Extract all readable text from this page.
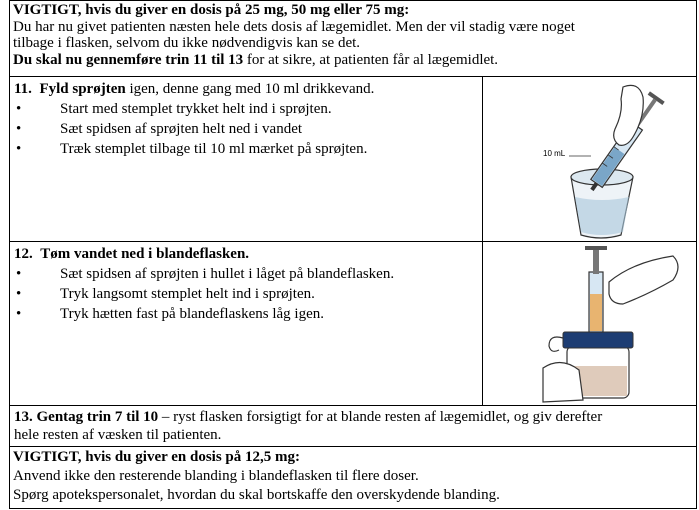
VIGTIGT, hvis du giver en dosis på 25 mg, 50 mg eller 75 mg:
Du har nu givet patienten næsten hele dets dosis af lægemidlet. Men der vil stadig være noget
tilbage i flasken, selvom du ikke nødvendigvis kan se det.
Du skal nu gennemføre trin 11 til 13 for at sikre, at patienten får al lægemidlet.
11. Fyld sprøjten igen, denne gang med 10 ml drikkevand.
•	Start med stemplet trykket helt ind i sprøjten.
•	Sæt spidsen af sprøjten helt ned i vandet
•	Træk stemplet tilbage til 10 ml mærket på sprøjten.	10 mL
12. Tøm vandet ned i blandeflasken.
•	Sæt spidsen af sprøjten i hullet i låget på blandeflasken.
•	Tryk langsomt stemplet helt ind i sprøjten.
•	Tryk hætten fast på blandeflaskens låg igen.
13. Gentag trin 7 til 10 – ryst flasken forsigtigt for at blande resten af lægemidlet, og giv derefter
hele resten af væsken til patienten.
VIGTIGT, hvis du giver en dosis på 12,5 mg:
Anvend ikke den resterende blanding i blandeflasken til flere doser.
Spørg apotekspersonalet, hvordan du skal bortskaffe den overskydende blanding.
